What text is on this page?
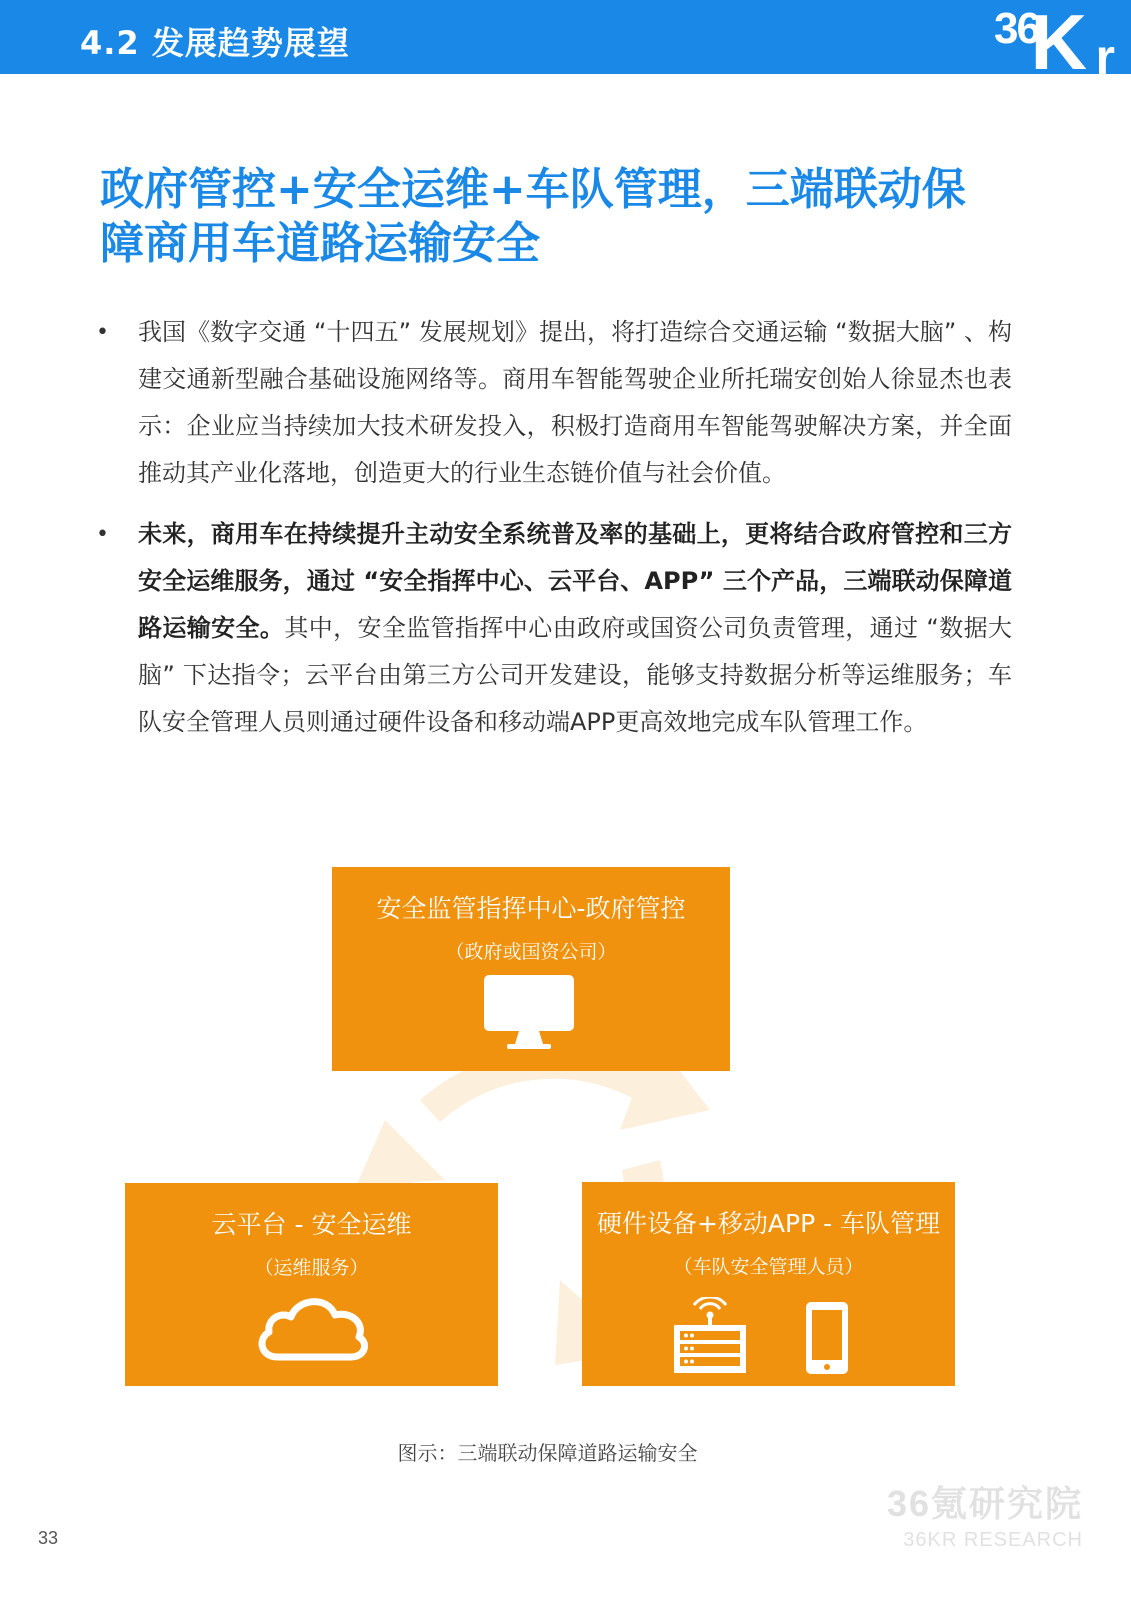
4.2 发展趋势展望	36
K r
政府管控+安全运维+车队管理，三端联动保
障商用车道路运输安全
• 我国《数字交通 “十四五” 发展规划》提出，将打造综合交通运输 “数据大脑” 、构建交通新型融合基础设施网络等。商用车智能驾驶企业所托瑞安创始人徐显杰也表示：企业应当持续加大技术研发投入，积极打造商用车智能驾驶解决方案，并全面推动其产业化落地，创造更大的行业生态链价值与社会价值。
• 未来，商用车在持续提升主动安全系统普及率的基础上，更将结合政府管控和三方安全运维服务，通过 “安全指挥中心、云平台、APP” 三个产品，三端联动保障道路运输安全。其中，安全监管指挥中心由政府或国资公司负责管理，通过 “数据大脑” 下达指令；云平台由第三方公司开发建设，能够支持数据分析等运维服务；车队安全管理人员则通过硬件设备和移动端APP更高效地完成车队管理工作。
安全监管指挥中心-政府管控
（政府或国资公司）
云平台 - 安全运维
（运维服务）
硬件设备+移动APP - 车队管理
（车队安全管理人员）
图示：三端联动保障道路运输安全
36氪研究院
36KR RESEARCH
33
